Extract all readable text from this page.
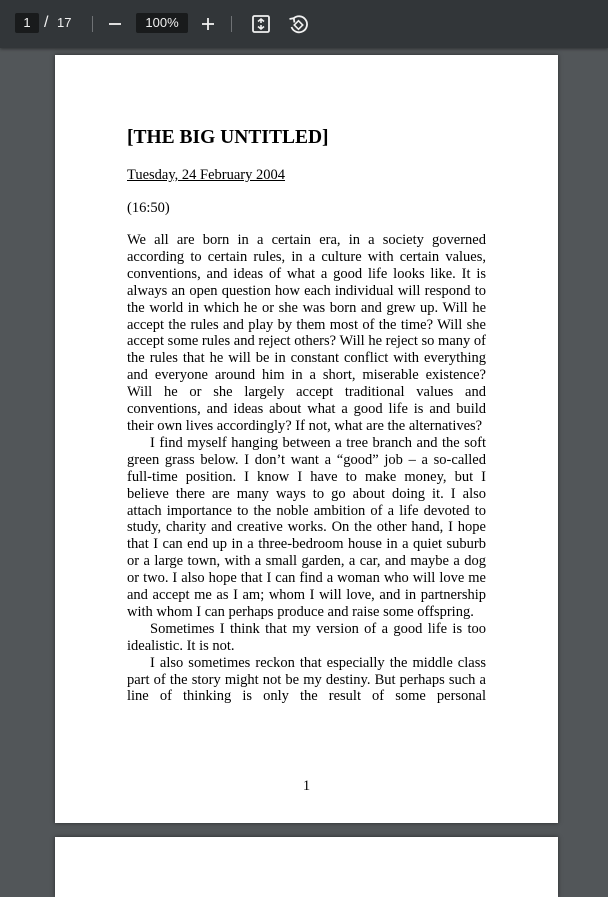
1 / 17	100%
[THE BIG UNTITLED]
Tuesday, 24 February 2004
(16:50)

We all are born in a certain era, in a society governed according to certain rules, in a culture with certain values, conventions, and ideas of what a good life looks like. It is always an open question how each individual will respond to the world in which he or she was born and grew up. Will he accept the rules and play by them most of the time? Will she accept some rules and reject others? Will he reject so many of the rules that he will be in constant conflict with everything and everyone around him in a short, miserable existence? Will he or she largely accept traditional values and conventions, and ideas about what a good life is and build their own lives accordingly? If not, what are the alternatives?

I find myself hanging between a tree branch and the soft green grass below. I don’t want a “good” job – a so-called full-time position. I know I have to make money, but I believe there are many ways to go about doing it. I also attach importance to the noble ambition of a life devoted to study, charity and creative works. On the other hand, I hope that I can end up in a three-bedroom house in a quiet suburb or a large town, with a small garden, a car, and maybe a dog or two. I also hope that I can find a woman who will love me and accept me as I am; whom I will love, and in partnership with whom I can perhaps produce and raise some offspring.

Sometimes I think that my version of a good life is too idealistic. It is not.

I also sometimes reckon that especially the middle class part of the story might not be my destiny. But perhaps such a line of thinking is only the result of some personal

1
